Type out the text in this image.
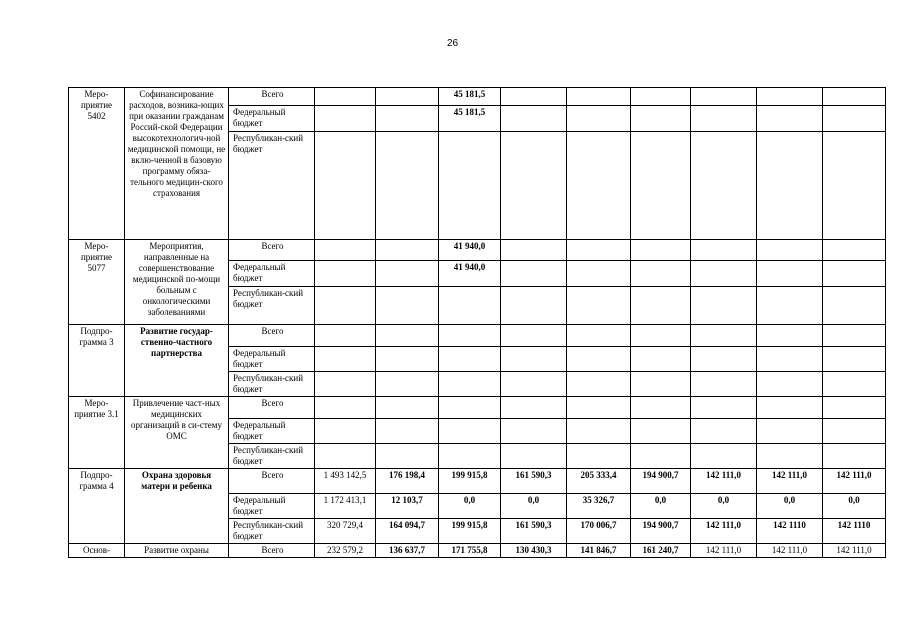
26
Меро-приятие 5402	Софинансирование расходов, возника-ющих при оказании гражданам Россий-ской Федерации высокотехнологич-ной медицинской помощи, не вклю-ченной в базовую программу обяза-тельного медицин-ского страхования	Всего			45 181,5						
		Федеральный бюджет			45 181,5						
		Республикан-ский бюджет									
Меро-приятие 5077	Мероприятия, направленные на совершенствование медицинской по-мощи больным с онкологическими заболеваниями	Всего			41 940,0						
		Федеральный бюджет			41 940,0						
		Республикан-ский бюджет									
Подпро-грамма 3	Развитие государ-ственно-частного партнерства	Всего									
		Федеральный бюджет									
		Республикан-ский бюджет									
Меро-приятие 3.1	Привлечение част-ных медицинских организаций в си-стему ОМС	Всего									
		Федеральный бюджет									
		Республикан-ский бюджет									
Подпро-грамма 4	Охрана здоровья матери и ребенка	Всего	1 493 142,5	176 198,4	199 915,8	161 590,3	205 333,4	194 900,7	142 111,0	142 111,0	142 111,0
		Федеральный бюджет	1 172 413,1	12 103,7	0,0	0,0	35 326,7	0,0	0,0	0,0	0,0
		Республикан-ский бюджет	320 729,4	164 094,7	199 915,8	161 590,3	170 006,7	194 900,7	142 111,0	142 1110	142 1110
Основ-	Развитие охраны	Всего	232 579,2	136 637,7	171 755,8	130 430,3	141 846,7	161 240,7	142 111,0	142 111,0	142 111,0
